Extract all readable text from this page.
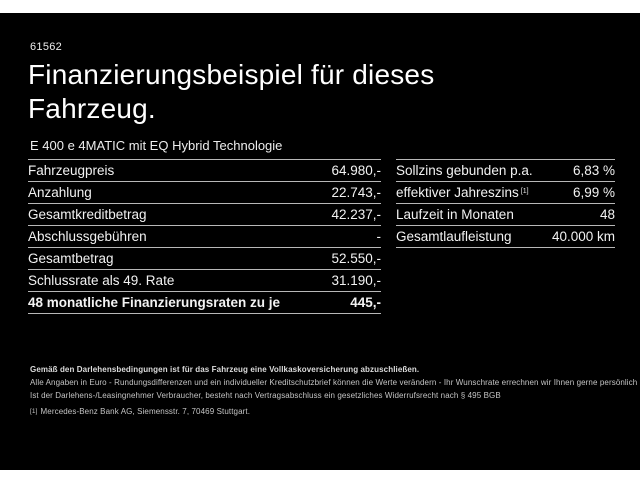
61562
Finanzierungsbeispiel für dieses Fahrzeug.
E 400 e 4MATIC mit EQ Hybrid Technologie
Fahrzeugpreis	64.980,-
Anzahlung	22.743,-
Gesamtkreditbetrag	42.237,-
Abschlussgebühren	-
Gesamtbetrag	52.550,-
Schlussrate als 49. Rate	31.190,-
48 monatliche Finanzierungsraten zu je	445,-
Sollzins gebunden p.a.	6,83 %
effektiver Jahreszins [1]	6,99 %
Laufzeit in Monaten	48
Gesamtlaufleistung	40.000 km

Gemäß den Darlehensbedingungen ist für das Fahrzeug eine Vollkaskoversicherung abzuschließen.

Alle Angaben in Euro - Rundungsdifferenzen und ein individueller Kreditschutzbrief können die Werte verändern - Ihr Wunschrate errechnen wir Ihnen gerne persönlich

Ist der Darlehens-/Leasingnehmer Verbraucher, besteht nach Vertragsabschluss ein gesetzliches Widerrufsrecht nach § 495 BGB

[1] Mercedes-Benz Bank AG, Siemensstr. 7, 70469 Stuttgart.
